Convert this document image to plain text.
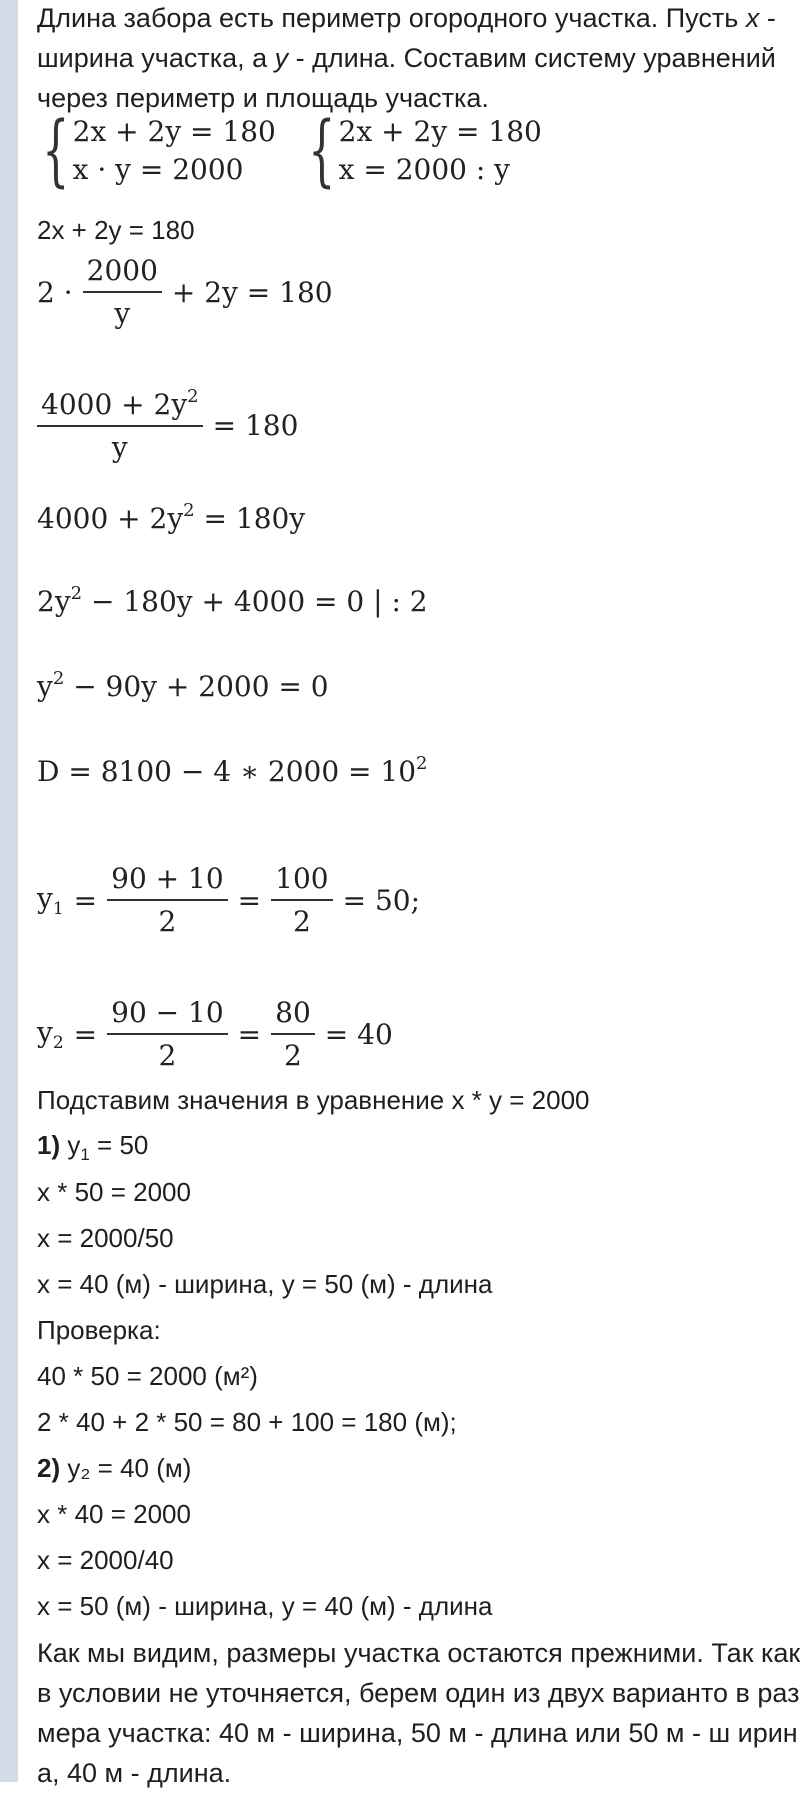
Длина забора есть периметр огородного участка. Пусть x - ширина участка, а y - длина. Составим систему уравнений через периметр и площадь участка.
{ 2x + 2y = 180
x · y = 2000 { 2x + 2y = 180
x = 2000 : y
2x + 2y = 180
$2 \cdot \frac{2000}{y} + 2y = 180$
$\frac{4000 + 2y^2}{y} = 180$
$4000 + 2y^2 = 180y$
$2y^2 - 180y + 4000 = 0$ | : 2
$y^2 - 90y + 2000 = 0$
D = 8100 − 4 ∗ $2000 = 10^2$
$y_1 = \frac{90 + 10}{2} = \frac{100}{2} = 50$;
$y_2 = \frac{90 - 10}{2} = \frac{80}{2} = 40$
Подставим значения в уравнение x * y = 2000
1) $y_1 = 50$
x * 50 = 2000
x = 2000/50
x = 40 (м) - ширина, y = 50 (м) - длина
Проверка:
40 * 50 = 2000 (м²)
2 * 40 + 2 * 50 = 80 + 100 = 180 (м);
2) y₂ = 40 (м)
x * 40 = 2000
x = 2000/40
x = 50 (м) - ширина, y = 40 (м) - длина
Как мы видим, размеры участка остаются прежними. Так как в условии не уточняется, берем один из двух варианто в размера участка: 40 м - ширина, 50 м - длина или 50 м - ш ирина, 40 м - длина.
